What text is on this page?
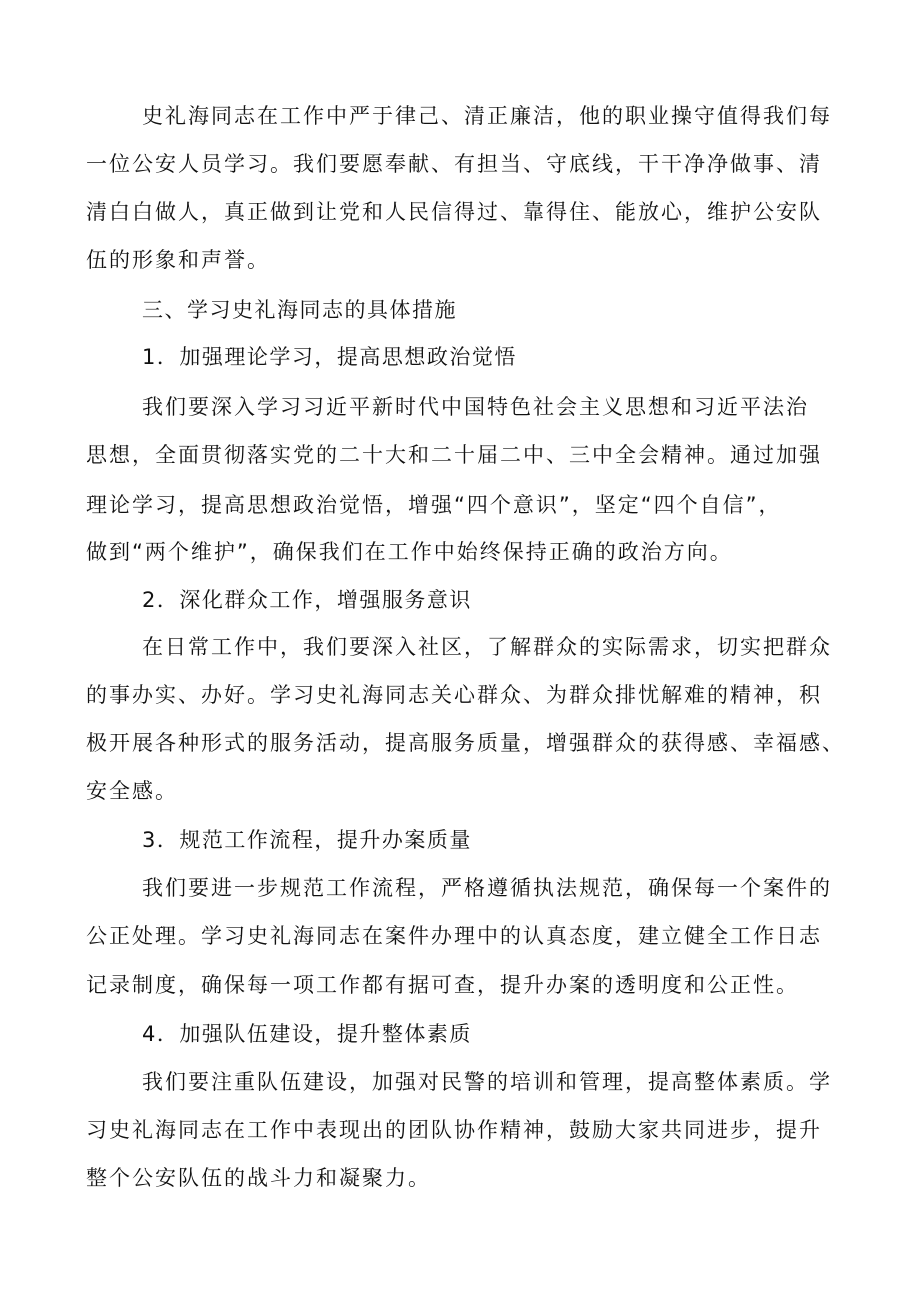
史礼海同志在工作中严于律己、清正廉洁，他的职业操守值得我们每
一位公安人员学习。我们要愿奉献、有担当、守底线，干干净净做事、清
清白白做人，真正做到让党和人民信得过、靠得住、能放心，维护公安队
伍的形象和声誉。
三、学习史礼海同志的具体措施
1．加强理论学习，提高思想政治觉悟
我们要深入学习习近平新时代中国特色社会主义思想和习近平法治
思想，全面贯彻落实党的二十大和二十届二中、三中全会精神。通过加强
理论学习，提高思想政治觉悟，增强“四个意识”，坚定“四个自信”，
做到“两个维护”，确保我们在工作中始终保持正确的政治方向。
2．深化群众工作，增强服务意识
在日常工作中，我们要深入社区，了解群众的实际需求，切实把群众
的事办实、办好。学习史礼海同志关心群众、为群众排忧解难的精神，积
极开展各种形式的服务活动，提高服务质量，增强群众的获得感、幸福感、
安全感。
3．规范工作流程，提升办案质量
我们要进一步规范工作流程，严格遵循执法规范，确保每一个案件的
公正处理。学习史礼海同志在案件办理中的认真态度，建立健全工作日志
记录制度，确保每一项工作都有据可查，提升办案的透明度和公正性。
4．加强队伍建设，提升整体素质
我们要注重队伍建设，加强对民警的培训和管理，提高整体素质。学
习史礼海同志在工作中表现出的团队协作精神，鼓励大家共同进步，提升
整个公安队伍的战斗力和凝聚力。
